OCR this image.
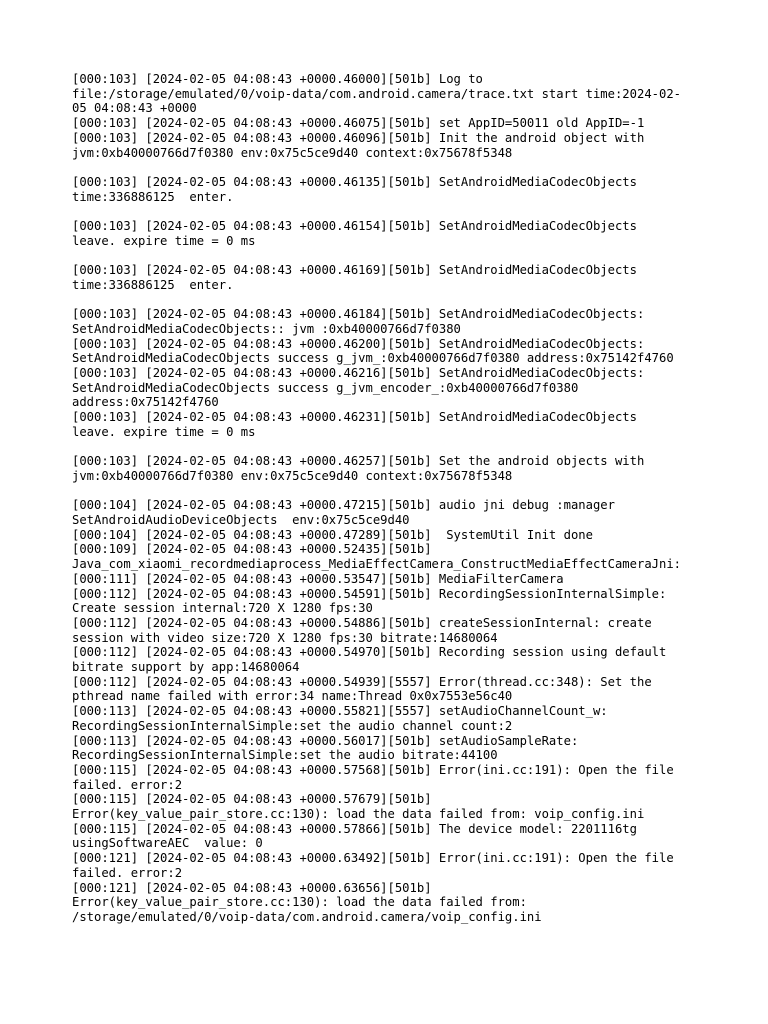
[000:103] [2024-02-05 04:08:43 +0000.46000][501b] Log to
file:/storage/emulated/0/voip-data/com.android.camera/trace.txt start time:2024-02-
05 04:08:43 +0000
[000:103] [2024-02-05 04:08:43 +0000.46075][501b] set AppID=50011 old AppID=-1
[000:103] [2024-02-05 04:08:43 +0000.46096][501b] Init the android object with
jvm:0xb40000766d7f0380 env:0x75c5ce9d40 context:0x75678f5348
[000:103] [2024-02-05 04:08:43 +0000.46135][501b] SetAndroidMediaCodecObjects
time:336886125  enter.
[000:103] [2024-02-05 04:08:43 +0000.46154][501b] SetAndroidMediaCodecObjects
leave. expire time = 0 ms
[000:103] [2024-02-05 04:08:43 +0000.46169][501b] SetAndroidMediaCodecObjects
time:336886125  enter.
[000:103] [2024-02-05 04:08:43 +0000.46184][501b] SetAndroidMediaCodecObjects:
SetAndroidMediaCodecObjects:: jvm :0xb40000766d7f0380
[000:103] [2024-02-05 04:08:43 +0000.46200][501b] SetAndroidMediaCodecObjects:
SetAndroidMediaCodecObjects success g_jvm_:0xb40000766d7f0380 address:0x75142f4760
[000:103] [2024-02-05 04:08:43 +0000.46216][501b] SetAndroidMediaCodecObjects:
SetAndroidMediaCodecObjects success g_jvm_encoder_:0xb40000766d7f0380
address:0x75142f4760
[000:103] [2024-02-05 04:08:43 +0000.46231][501b] SetAndroidMediaCodecObjects
leave. expire time = 0 ms
[000:103] [2024-02-05 04:08:43 +0000.46257][501b] Set the android objects with
jvm:0xb40000766d7f0380 env:0x75c5ce9d40 context:0x75678f5348
[000:104] [2024-02-05 04:08:43 +0000.47215][501b] audio jni debug :manager
SetAndroidAudioDeviceObjects  env:0x75c5ce9d40
[000:104] [2024-02-05 04:08:43 +0000.47289][501b]  SystemUtil Init done
[000:109] [2024-02-05 04:08:43 +0000.52435][501b]
Java_com_xiaomi_recordmediaprocess_MediaEffectCamera_ConstructMediaEffectCameraJni:
[000:111] [2024-02-05 04:08:43 +0000.53547][501b] MediaFilterCamera
[000:112] [2024-02-05 04:08:43 +0000.54591][501b] RecordingSessionInternalSimple:
Create session internal:720 X 1280 fps:30
[000:112] [2024-02-05 04:08:43 +0000.54886][501b] createSessionInternal: create
session with video size:720 X 1280 fps:30 bitrate:14680064
[000:112] [2024-02-05 04:08:43 +0000.54970][501b] Recording session using default
bitrate support by app:14680064
[000:112] [2024-02-05 04:08:43 +0000.54939][5557] Error(thread.cc:348): Set the
pthread name failed with error:34 name:Thread 0x0x7553e56c40
[000:113] [2024-02-05 04:08:43 +0000.55821][5557] setAudioChannelCount_w:
RecordingSessionInternalSimple:set the audio channel count:2
[000:113] [2024-02-05 04:08:43 +0000.56017][501b] setAudioSampleRate:
RecordingSessionInternalSimple:set the audio bitrate:44100
[000:115] [2024-02-05 04:08:43 +0000.57568][501b] Error(ini.cc:191): Open the file
failed. error:2
[000:115] [2024-02-05 04:08:43 +0000.57679][501b]
Error(key_value_pair_store.cc:130): load the data failed from: voip_config.ini
[000:115] [2024-02-05 04:08:43 +0000.57866][501b] The device model: 2201116tg
usingSoftwareAEC  value: 0
[000:121] [2024-02-05 04:08:43 +0000.63492][501b] Error(ini.cc:191): Open the file
failed. error:2
[000:121] [2024-02-05 04:08:43 +0000.63656][501b]
Error(key_value_pair_store.cc:130): load the data failed from:
/storage/emulated/0/voip-data/com.android.camera/voip_config.ini
